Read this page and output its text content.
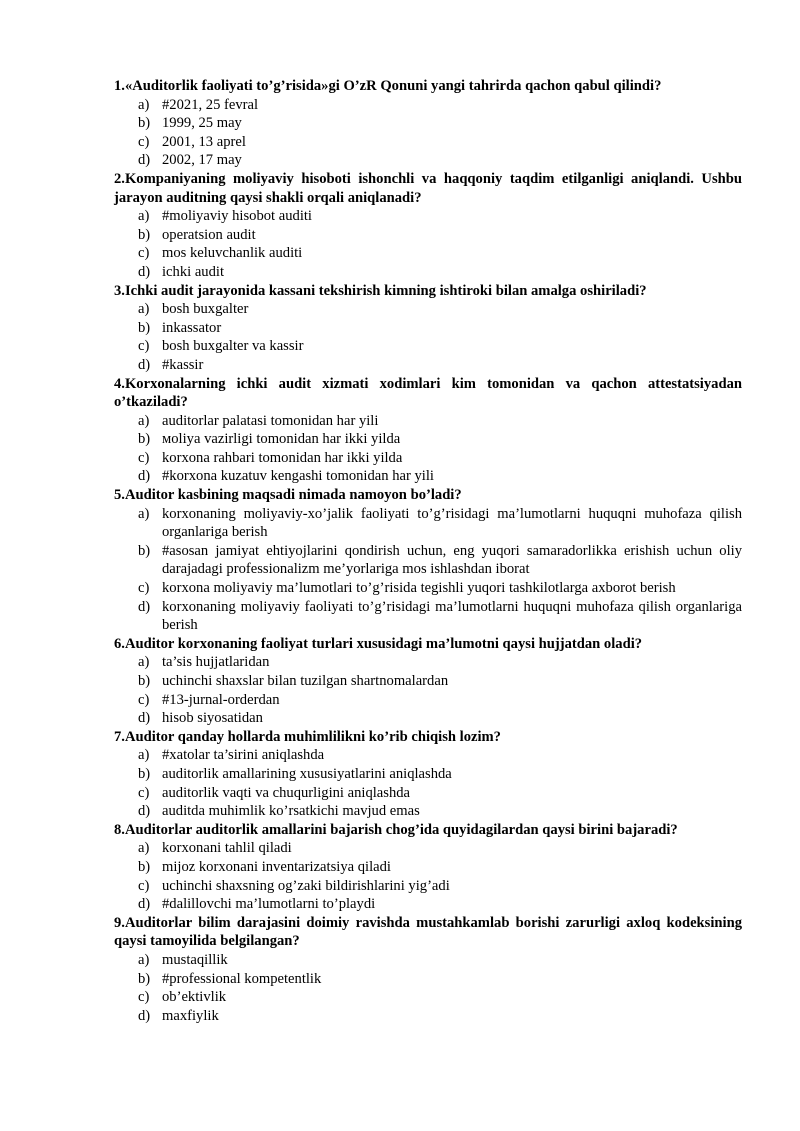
1.«Auditorlik faoliyati to’g’risida»gi O’zR Qonuni yangi tahrirda qachon qabul qilindi?

a) #2021, 25 fevral
b) 1999, 25 may
c) 2001, 13 aprel
d) 2002, 17 may

2.Kompaniyaning moliyaviy hisoboti ishonchli va haqqoniy taqdim etilganligi aniqlandi. Ushbu jarayon auditning qaysi shakli orqali aniqlanadi?

a) #moliyaviy hisobot auditi
b) operatsion audit
c) mos keluvchanlik auditi
d) ichki audit

3.Ichki audit jarayonida kassani tekshirish kimning ishtiroki bilan amalga oshiriladi?

a) bosh buxgalter
b) inkassator
c) bosh buxgalter va kassir
d) #kassir

4.Korxonalarning ichki audit xizmati xodimlari kim tomonidan va qachon attestatsiyadan o’tkaziladi?

a) auditorlar palatasi tomonidan har yili
b) мoliya vazirligi tomonidan har ikki yilda
c) korxona rahbari tomonidan har ikki yilda
d) #korxona kuzatuv kengashi tomonidan har yili

5.Auditor kasbining maqsadi nimada namoyon bo’ladi?

a) korxonaning moliyaviy-xo’jalik faoliyati to’g’risidagi ma’lumotlarni huquqni muhofaza qilish organlariga berish
b) #asosan jamiyat ehtiyojlarini qondirish uchun, eng yuqori samaradorlikka erishish uchun oliy darajadagi professionalizm me’yorlariga mos ishlashdan iborat
c) korxona moliyaviy ma’lumotlari to’g’risida tegishli yuqori tashkilotlarga axborot berish
d) korxonaning moliyaviy faoliyati to’g’risidagi ma’lumotlarni huquqni muhofaza qilish organlariga berish

6.Auditor korxonaning faoliyat turlari xususidagi ma’lumotni qaysi hujjatdan oladi?

a) ta’sis hujjatlaridan
b) uchinchi shaxslar bilan tuzilgan shartnomalardan
c) #13-jurnal-orderdan
d) hisob siyosatidan

7.Auditor qanday hollarda muhimlilikni ko’rib chiqish lozim?

a) #xatolar ta’sirini aniqlashda
b) auditorlik amallarining xususiyatlarini aniqlashda
c) auditorlik vaqti va chuqurligini aniqlashda
d) auditda muhimlik ko’rsatkichi mavjud emas

8.Auditorlar auditorlik amallarini bajarish chog’ida quyidagilardan qaysi birini bajaradi?

a) korxonani tahlil qiladi
b) mijoz korxonani inventarizatsiya qiladi
c) uchinchi shaxsning og’zaki bildirishlarini yig’adi
d) #dalillovchi ma’lumotlarni to’playdi

9.Auditorlar bilim darajasini doimiy ravishda mustahkamlab borishi zarurligi axloq kodeksining qaysi tamoyilida belgilangan?

a) mustaqillik
b) #professional kompetentlik
c) ob’ektivlik
d) maxfiylik
